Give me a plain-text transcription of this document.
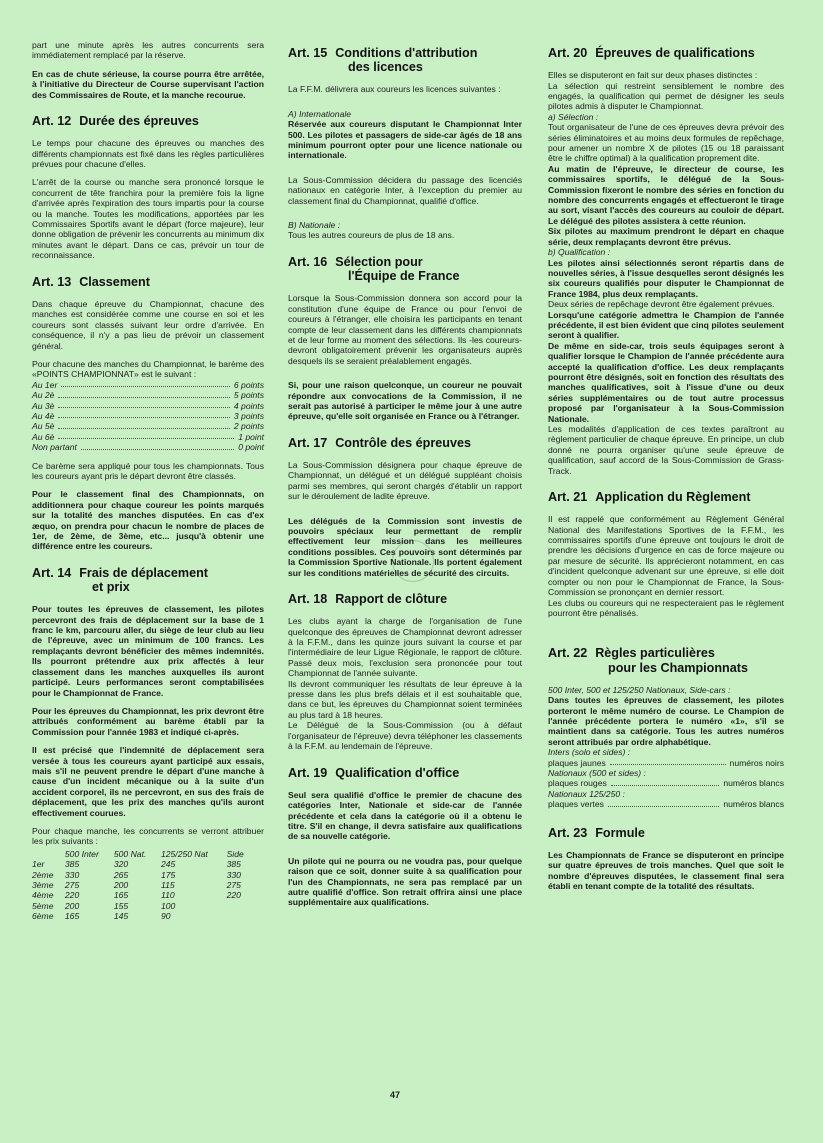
part une minute après les autres concurrents sera immédiatement remplacé par la réserve.

En cas de chute sérieuse, la course pourra être arrêtée, à l'initiative du Directeur de Course supervisant l'action des Commissaires de Route, et la manche recourue.

Art. 12 Durée des épreuves

Le temps pour chacune des épreuves ou manches des différents championnats est fixé dans les règles particulières prévues pour chacune d'elles.

L'arrêt de la course ou manche sera prononcé lorsque le concurrent de tête franchira pour la première fois la ligne d'arrivée après l'expiration des tours impartis pour la course ou la manche. Toutes les modifications, apportées par les Commissaires Sportifs avant le départ (force majeure), leur donne obligation de prévenir les concurrents au minimum dix minutes avant le départ. Dans ce cas, prévoir un tour de reconnaissance.

Art. 13 Classement

Dans chaque épreuve du Championnat, chacune des manches est considérée comme une course en soi et les coureurs sont classés suivant leur ordre d'arrivée. En conséquence, il n'y a pas lieu de prévoir un classement général.

Pour chacune des manches du Championnat, le barème des «POINTS CHAMPIONNAT» est le suivant :

Au 1er	6 points
Au 2è	5 points
Au 3è	4 points
Au 4è	3 points
Au 5è	2 points
Au 6è	1 point
Non partant	0 point

Ce barème sera appliqué pour tous les championnats. Tous les coureurs ayant pris le départ devront être classés.

Pour le classement final des Championnats, on additionnera pour chaque coureur les points marqués sur la totalité des manches disputées. En cas d'ex æquo, on prendra pour chacun le nombre de places de 1er, de 2ème, de 3ème, etc... jusqu'à obtenir une différence entre les coureurs.

Art. 14 Frais de déplacement
et prix

Pour toutes les épreuves de classement, les pilotes percevront des frais de déplacement sur la base de 1 franc le km, parcouru aller, du siège de leur club au lieu de l'épreuve, avec un minimum de 100 francs. Les remplaçants devront bénéficier des mêmes indemnités. Ils pourront prétendre aux prix affectés à leur classement dans les manches auxquelles ils auront participé. Leurs performances seront comptabilisées pour le Championnat de France.

Pour les épreuves du Championnat, les prix devront être attribués conformément au barème établi par la Commission pour l'année 1983 et indiqué ci-après.

Il est précisé que l'indemnité de déplacement sera versée à tous les coureurs ayant participé aux essais, mais s'il ne peuvent prendre le départ d'une manche à cause d'un incident mécanique ou à la suite d'un accident corporel, ils ne percevront, en sus des frais de déplacement, que les prix des manches qu'ils auront effectivement courues.

Pour chaque manche, les concurrents se verront attribuer les prix suivants :

	500 Inter	500 Nat.	125/250 Nat	Side
1er	385	320	245	385
2ème	330	265	175	330
3ème	275	200	115	275
4ème	220	165	110	220
5ème	200	155	100	
6ème	165	145	90	
Art. 15 Conditions d'attribution
des licences

La F.F.M. délivrera aux coureurs les licences suivantes :

A) Internationale

Réservée aux coureurs disputant le Championnat Inter 500. Les pilotes et passagers de side-car âgés de 18 ans minimum pourront opter pour une licence nationale ou internationale.

La Sous-Commission décidera du passage des licenciés nationaux en catégorie Inter, à l'exception du premier au classement final du Championnat, qualifié d'office.

B) Nationale :

Tous les autres coureurs de plus de 18 ans.

Art. 16 Sélection pour
l'Équipe de France

Lorsque la Sous-Commission donnera son accord pour la constitution d'une équipe de France ou pour l'envoi de coureurs à l'étranger, elle choisira les participants en tenant compte de leur classement dans les différents championnats et de leur forme au moment des sélections. Ils -les coureurs- devront obligatoirement prévenir les organisateurs auprès desquels ils se seraient préalablement engagés.

Si, pour une raison quelconque, un coureur ne pouvait répondre aux convocations de la Commission, il ne serait pas autorisé à participer le même jour à une autre épreuve, qu'elle soit organisée en France ou à l'étranger.

Art. 17 Contrôle des épreuves

La Sous-Commission désignera pour chaque épreuve de Championnat, un délégué et un délégué suppléant choisis parmi ses membres, qui seront chargés d'établir un rapport sur le déroulement de ladite épreuve.

Les délégués de la Commission sont investis de pouvoirs spéciaux leur permettant de remplir effectivement leur mission dans les meilleures conditions possibles. Ces pouvoirs sont déterminés par la Commission Sportive Nationale. Ils portent également sur les conditions matérielles de sécurité des circuits.

Art. 18 Rapport de clôture

Les clubs ayant la charge de l'organisation de l'une quelconque des épreuves de Championnat devront adresser à la F.F.M., dans les quinze jours suivant la course et par l'intermédiaire de leur Ligue Régionale, le rapport de clôture. Passé deux mois, l'exclusion sera prononcée pour tout Championnat de l'année suivante.

Ils devront communiquer les résultats de leur épreuve à la presse dans les plus brefs délais et il est souhaitable que, dans ce but, les épreuves du Championnat soient terminées au plus tard à 18 heures.

Le Délégué de la Sous-Commission (ou à défaut l'organisateur de l'épreuve) devra téléphoner les classements à la F.F.M. au lendemain de l'épreuve.

Art. 19 Qualification d'office

Seul sera qualifié d'office le premier de chacune des catégories Inter, Nationale et side-car de l'année précédente et cela dans la catégorie où il a obtenu le titre. S'il en change, il devra satisfaire aux qualifications de sa nouvelle catégorie.

Un pilote qui ne pourra ou ne voudra pas, pour quelque raison que ce soit, donner suite à sa qualification pour l'un des Championnats, ne sera pas remplacé par un autre qualifié d'office. Son retrait offrira ainsi une place supplémentaire aux qualifications.

Art. 20 Épreuves de qualifications

Elles se disputeront en fait sur deux phases distinctes :

La sélection qui restreint sensiblement le nombre des engagés, la qualification qui permet de désigner les seuls pilotes admis à disputer le Championnat.

a) Sélection :

Tout organisateur de l'une de ces épreuves devra prévoir des séries éliminatoires et au moins deux formules de repêchage, pour amener un nombre X de pilotes (15 ou 18 paraissant être le chiffre optimal) à la qualification proprement dite.

Au matin de l'épreuve, le directeur de course, les commissaires sportifs, le délégué de la Sous-Commission fixeront le nombre des séries en fonction du nombre des concurrents engagés et effectueront le tirage au sort, visant l'accès des coureurs au couloir de départ. Le délégué des pilotes assistera à cette réunion.

Six pilotes au maximum prendront le départ en chaque série, deux remplaçants devront être prévus.

b) Qualification :

Les pilotes ainsi sélectionnés seront répartis dans de nouvelles séries, à l'issue desquelles seront désignés les six coureurs qualifiés pour disputer le Championnat de France 1984, plus deux remplaçants.

Deux séries de repêchage devront être également prévues.

Lorsqu'une catégorie admettra le Champion de l'année précédente, il est bien évident que cinq pilotes seulement seront à qualifier.

De même en side-car, trois seuls équipages seront à qualifier lorsque le Champion de l'année précédente aura accepté la qualification d'office. Les deux remplaçants pourront être désignés, soit en fonction des résultats des manches qualificatives, soit à l'issue d'une ou deux séries supplémentaires ou de tout autre processus proposé par l'organisateur à la Sous-Commission Nationale.

Les modalités d'application de ces textes paraîtront au règlement particulier de chaque épreuve. En principe, un club donné ne pourra organiser qu'une seule épreuve de qualification, sauf accord de la Sous-Commission de Grass-Track.

Art. 21 Application du Règlement

Il est rappelé que conformément au Règlement Général National des Manifestations Sportives de la F.F.M., les commissaires sportifs d'une épreuve ont toujours le droit de prendre les décisions d'urgence en cas de force majeure ou par mesure de sécurité. Ils apprécieront notamment, en cas d'incident quelconque advenant sur une épreuve, si elle doit compter ou non pour le Championnat de France, la Sous-Commission se prononçant en dernier ressort.

Les clubs ou coureurs qui ne respecteraient pas le règlement pourront être pénalisés.

Art. 22 Règles particulières
pour les Championnats

500 Inter, 500 et 125/250 Nationaux, Side-cars :

Dans toutes les épreuves de classement, les pilotes porteront le même numéro de course. Le Champion de l'année précédente portera le numéro «1», s'il se maintient dans sa catégorie. Tous les autres numéros seront attribués par ordre alphabétique.

Inters (solo et sides) :
plaques jaunes	numéros noirs
Nationaux (500 et sides) :
plaques rouges	numéros blancs
Nationaux 125/250 :
plaques vertes	numéros blancs
Art. 23 Formule

Les Championnats de France se disputeront en principe sur quatre épreuves de trois manches. Quel que soit le nombre d'épreuves disputées, le classement final sera établi en tenant compte de la totalité des résultats.

47
